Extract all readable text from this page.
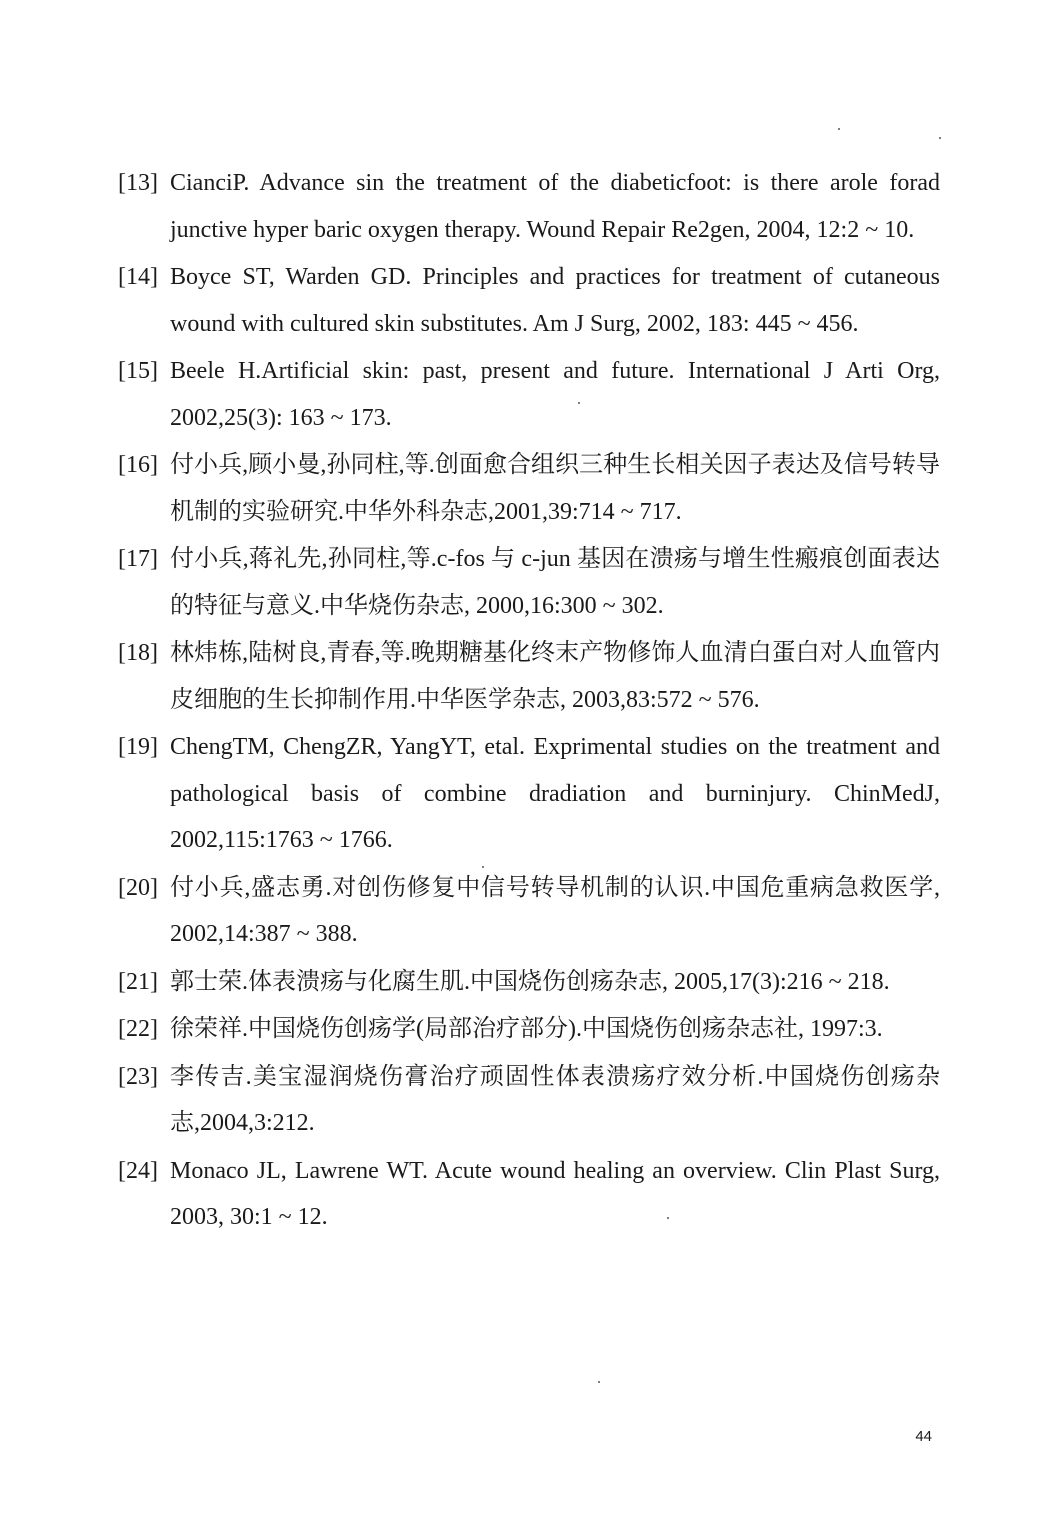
[13] CianciP. Advance sin the treatment of the diabeticfoot: is there arole forad junctive hyper baric oxygen therapy. Wound Repair Re2gen, 2004, 12:2 ~ 10.
[14] Boyce ST, Warden GD. Principles and practices for treatment of cutaneous wound with cultured skin substitutes. Am J Surg, 2002, 183: 445 ~ 456.
[15] Beele H.Artificial skin: past, present and future. International J Arti Org, 2002,25(3): 163 ~ 173.
[16] 付小兵,顾小曼,孙同柱,等.创面愈合组织三种生长相关因子表达及信号转导机制的实验研究.中华外科杂志,2001,39:714 ~ 717.
[17] 付小兵,蒋礼先,孙同柱,等.c-fos 与 c-jun 基因在溃疡与增生性瘢痕创面表达的特征与意义.中华烧伤杂志, 2000,16:300 ~ 302.
[18] 林炜栋,陆树良,青春,等.晚期糖基化终末产物修饰人血清白蛋白对人血管内皮细胞的生长抑制作用.中华医学杂志, 2003,83:572 ~ 576.
[19] ChengTM, ChengZR, YangYT, etal. Exprimental studies on the treatment and pathological basis of combine dradiation and burninjury. ChinMedJ, 2002,115:1763 ~ 1766.
[20] 付小兵,盛志勇.对创伤修复中信号转导机制的认识.中国危重病急救医学, 2002,14:387 ~ 388.
[21] 郭士荣.体表溃疡与化腐生肌.中国烧伤创疡杂志, 2005,17(3):216 ~ 218.
[22] 徐荣祥.中国烧伤创疡学(局部治疗部分).中国烧伤创疡杂志社, 1997:3.
[23] 李传吉.美宝湿润烧伤膏治疗顽固性体表溃疡疗效分析.中国烧伤创疡杂志,2004,3:212.
[24] Monaco JL, Lawrene WT. Acute wound healing an overview. Clin Plast Surg, 2003, 30:1 ~ 12.
44
